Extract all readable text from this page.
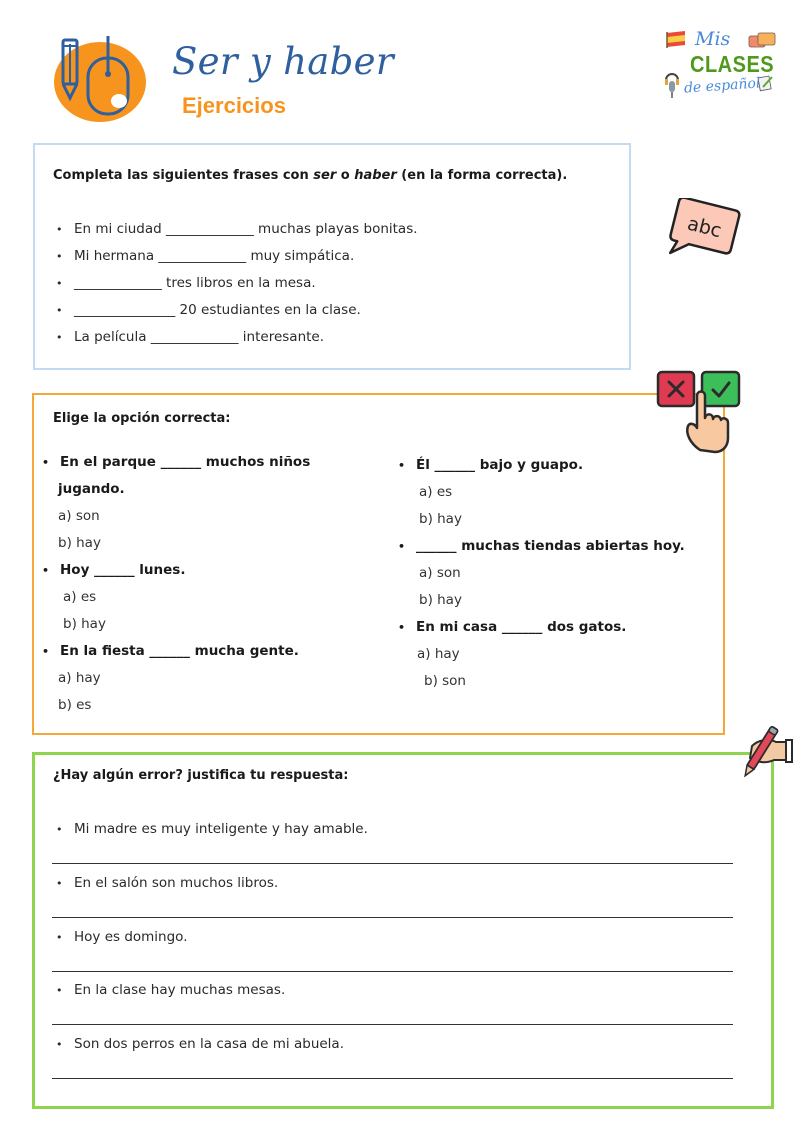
Ser y haber
Ejercicios
Mis
CLASES
de español
Completa las siguientes frases con ser o haber (en la forma correcta).
• En mi ciudad _____________ muchas playas bonitas.
• Mi hermana _____________ muy simpática.
• _____________ tres libros en la mesa.
• _______________ 20 estudiantes en la clase.
• La película _____________ interesante.
abc
Elige la opción correcta:
• En el parque ______ muchos niños
jugando.
a) son
b) hay
• Hoy ______ lunes.
a) es
b) hay
• En la fiesta ______ mucha gente.
a) hay
b) es
• Él ______ bajo y guapo.
a) es
b) hay
• ______ muchas tiendas abiertas hoy.
a) son
b) hay
• En mi casa ______ dos gatos.
a) hay
b) son
¿Hay algún error? justifica tu respuesta:
• Mi madre es muy inteligente y hay amable.
• En el salón son muchos libros.
• Hoy es domingo.
• En la clase hay muchas mesas.
• Son dos perros en la casa de mi abuela.
